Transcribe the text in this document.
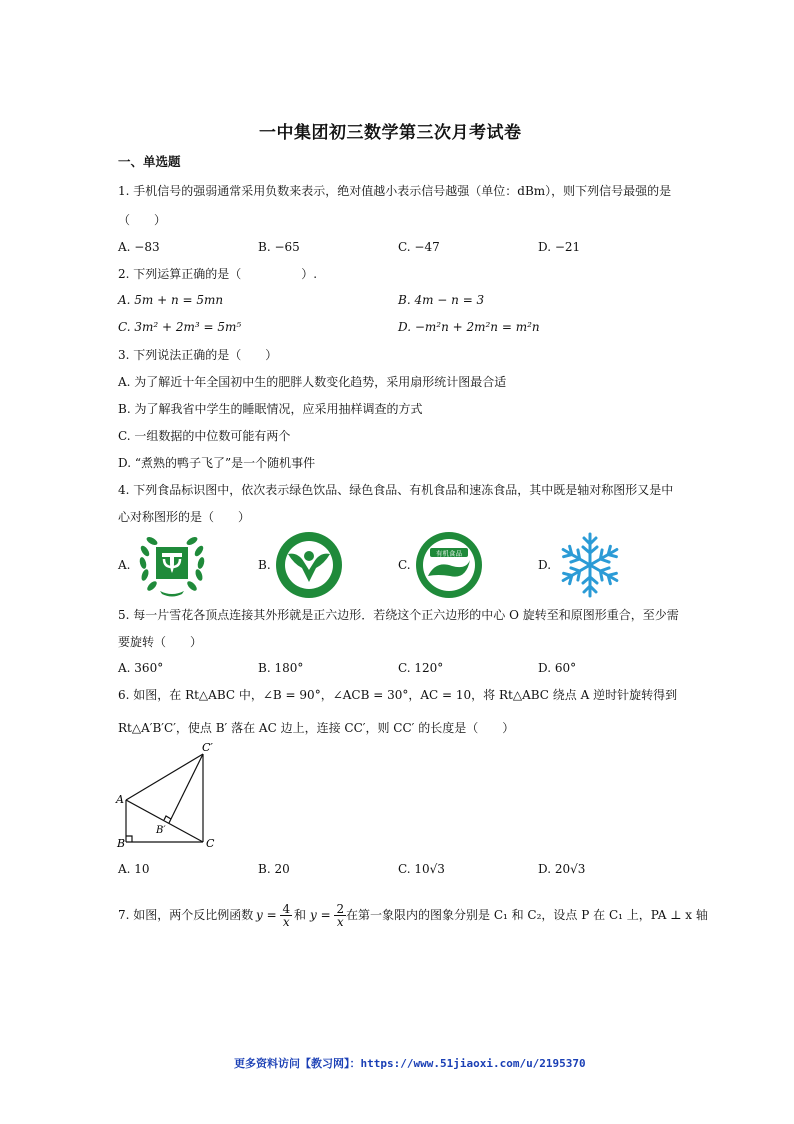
一中集团初三数学第三次月考试卷
一、单选题
1. 手机信号的强弱通常采用负数来表示，绝对值越小表示信号越强（单位：dBm），则下列信号最强的是
（　　）
A. −83	B. −65	C. −47	D. −21
2. 下列运算正确的是（　　　　　）.
A. 5m + n = 5mn	B. 4m − n = 3
C. 3m² + 2m³ = 5m⁵	D. −m²n + 2m²n = m²n
3. 下列说法正确的是（　　）
A. 为了解近十年全国初中生的肥胖人数变化趋势，采用扇形统计图最合适
B. 为了解我省中学生的睡眠情况，应采用抽样调查的方式
C. 一组数据的中位数可能有两个
D. “煮熟的鸭子飞了”是一个随机事件
4. 下列食品标识图中，依次表示绿色饮品、绿色食品、有机食品和速冻食品，其中既是轴对称图形又是中
心对称图形的是（　　）
A.	B.	C.
有机食品
D.
5. 每一片雪花各顶点连接其外形就是正六边形．若绕这个正六边形的中心 O 旋转至和原图形重合，至少需
要旋转（　　）
A. 360°	B. 180°	C. 120°	D. 60°
6. 如图，在 Rt△ABC 中，∠B = 90°，∠ACB = 30°，AC = 10，将 Rt△ABC 绕点 A 逆时针旋转得到
Rt△A′B′C′，使点 B′ 落在 AC 边上，连接 CC′，则 CC′ 的长度是（　　）
C′
A
B
B′
C
A. 10	B. 20	C. 10√3	D. 20√3
7. 如图，两个反比例函数 $y = \frac{4}{x}$ 和 $y = \frac{2}{x}$ 在第一象限内的图象分别是 C₁ 和 C₂，设点 P 在 C₁ 上，PA ⊥ x 轴
更多资料访问【教习网】：https://www.51jiaoxi.com/u/2195370
